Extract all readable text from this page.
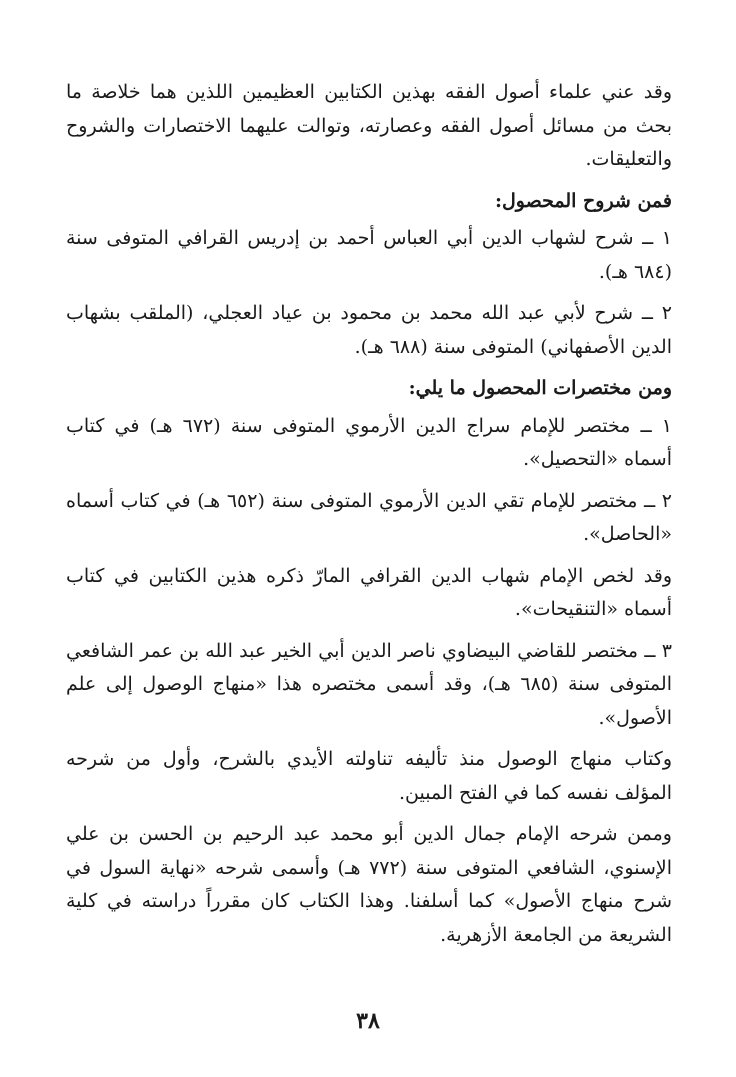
وقد عني علماء أصول الفقه بهذين الكتابين العظيمين اللذين هما خلاصة ما بحث من مسائل أصول الفقه وعصارته، وتوالت عليهما الاختصارات والشروح والتعليقات.

فمن شروح المحصول:

١ ــ شرح لشهاب الدين أبي العباس أحمد بن إدريس القرافي المتوفى سنة (٦٨٤ هـ).

٢ ــ شرح لأبي عبد الله محمد بن محمود بن عياد العجلي، (الملقب بشهاب الدين الأصفهاني) المتوفى سنة (٦٨٨ هـ).

ومن مختصرات المحصول ما يلي:

١ ــ مختصر للإمام سراج الدين الأرموي المتوفى سنة (٦٧٢ هـ) في كتاب أسماه «التحصيل».

٢ ــ مختصر للإمام تقي الدين الأرموي المتوفى سنة (٦٥٢ هـ) في كتاب أسماه «الحاصل».

وقد لخص الإمام شهاب الدين القرافي المارّ ذكره هذين الكتابين في كتاب أسماه «التنقيحات».

٣ ــ مختصر للقاضي البيضاوي ناصر الدين أبي الخير عبد الله بن عمر الشافعي المتوفى سنة (٦٨٥ هـ)، وقد أسمى مختصره هذا «منهاج الوصول إلى علم الأصول».

وكتاب منهاج الوصول منذ تأليفه تناولته الأيدي بالشرح، وأول من شرحه المؤلف نفسه كما في الفتح المبين.

وممن شرحه الإمام جمال الدين أبو محمد عبد الرحيم بن الحسن بن علي الإسنوي، الشافعي المتوفى سنة (٧٧٢ هـ) وأسمى شرحه «نهاية السول في شرح منهاج الأصول» كما أسلفنا. وهذا الكتاب كان مقرراً دراسته في كلية الشريعة من الجامعة الأزهرية.

٣٨
